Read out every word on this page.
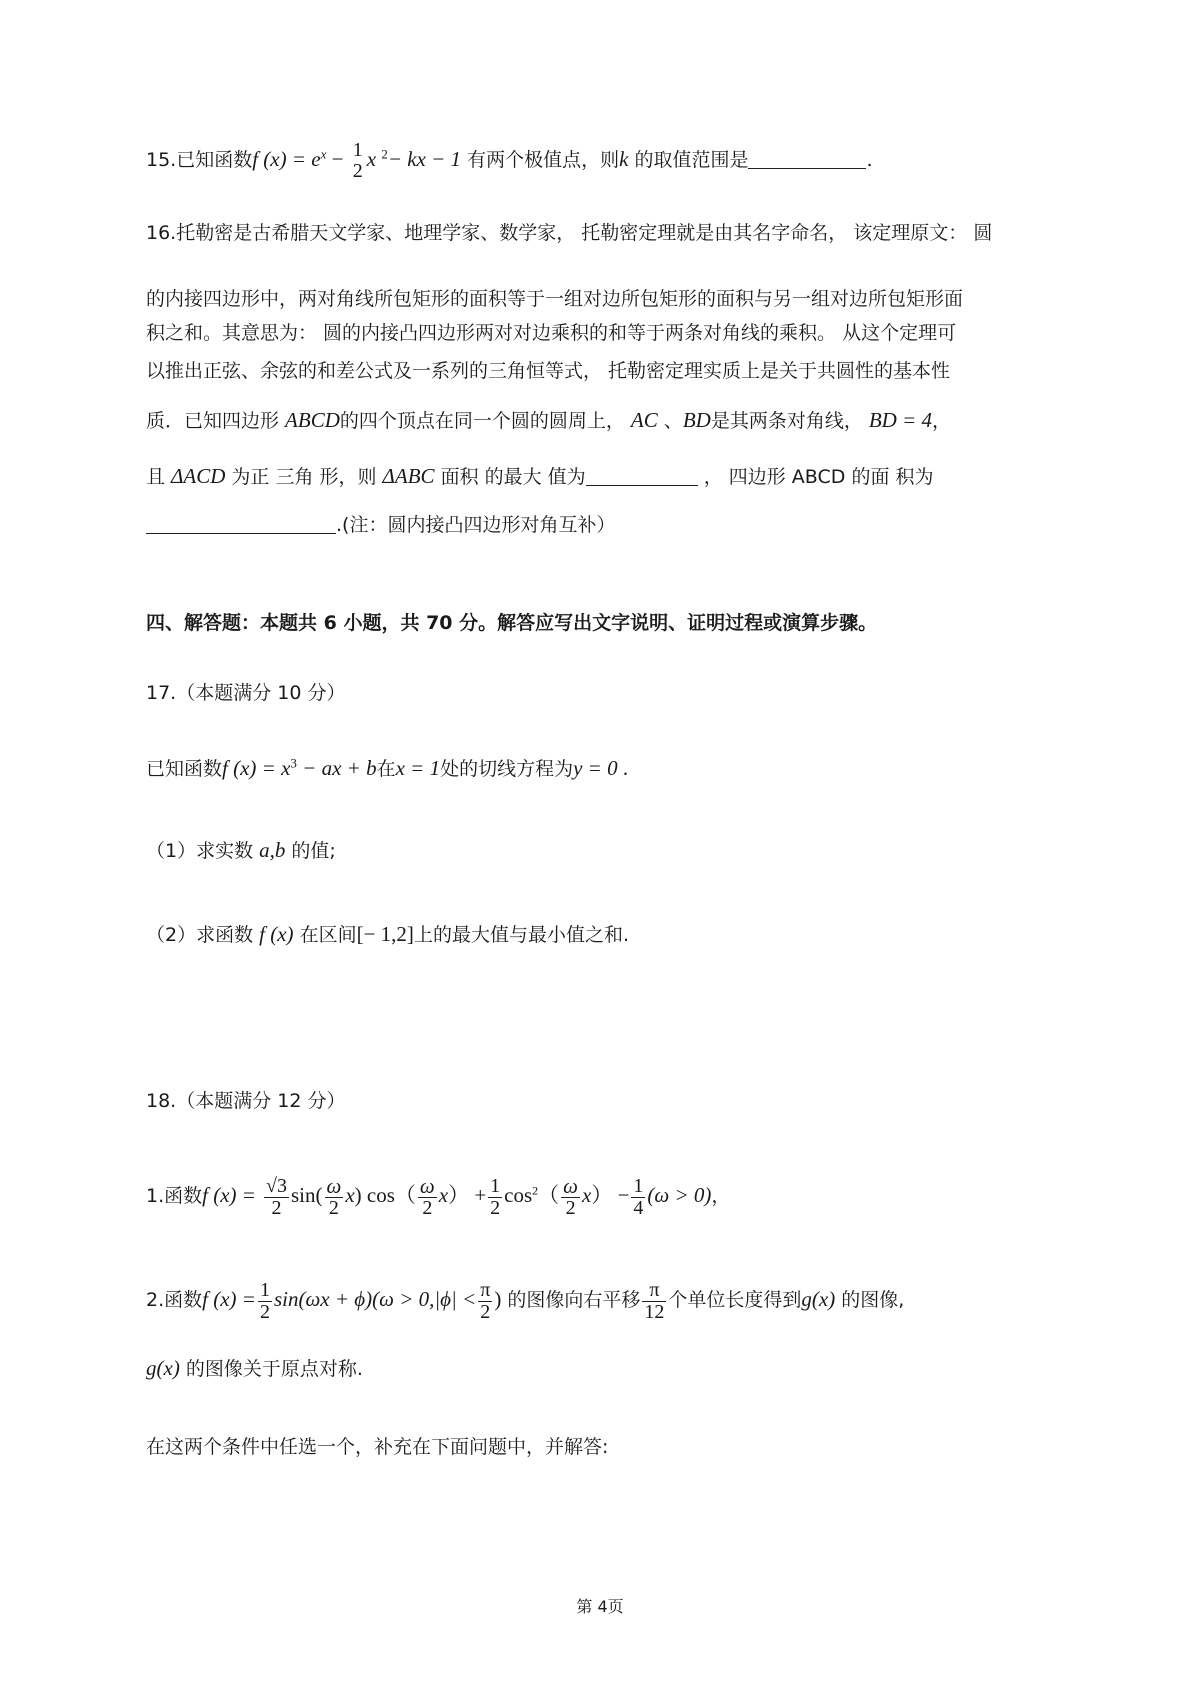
15.已知函数f $(x) = e^x - 1$
2 x $^2$− kx − 1 有两个极值点，则k 的取值范围是	.
16.托勒密是古希腊天文学家、地理学家、数学家， 托勒密定理就是由其名字命名， 该定理原文： 圆
的内接四边形中，两对角线所包矩形的面积等于一组对边所包矩形的面积与另一组对边所包矩形面
积之和。其意思为： 圆的内接凸四边形两对对边乘积的和等于两条对角线的乘积。 从这个定理可
以推出正弦、余弦的和差公式及一系列的三角恒等式， 托勒密定理实质上是关于共圆性的基本性
质．已知四边形 ABCD的四个顶点在同一个圆的圆周上， AC 、BD是其两条对角线， BD = 4，
且 ΔACD 为正 三角 形，则 ΔABC 面积 的最大 值为	， 四边形 ABCD 的面 积为
.(注：圆内接凸四边形对角互补）
四、解答题：本题共 6 小题，共 70 分。解答应写出文字说明、证明过程或演算步骤。
17.（本题满分 10 分）
已知函数f $(x) = x^3$ − ax + b在x = 1处的切线方程为y = 0 .
（1）求实数 a,b 的值;
（2）求函数 f (x) 在区间[− 1,2]上的最大值与最小值之和.
18.（本题满分 12 分）
1.函数f $(x) = \frac{√3}{2} \sin( \frac{\omega}{2} x)$ $\cos( \frac{\omega}{2} x) + \frac{1}{2} \cos^2( \frac{\omega}{2} x) - \frac{1}{4} (\omega > 0)$，
2.函数f $(x) = \frac{1}{2} \sin(\omega x + \phi)(\omega > 0,|\phi| < \frac{\pi}{2}$ ) 的图像向右平移 $\frac{\pi}{12}$ 个单位长度得到g(x) 的图像,
g(x) 的图像关于原点对称.
在这两个条件中任选一个，补充在下面问题中，并解答:
第 4页
